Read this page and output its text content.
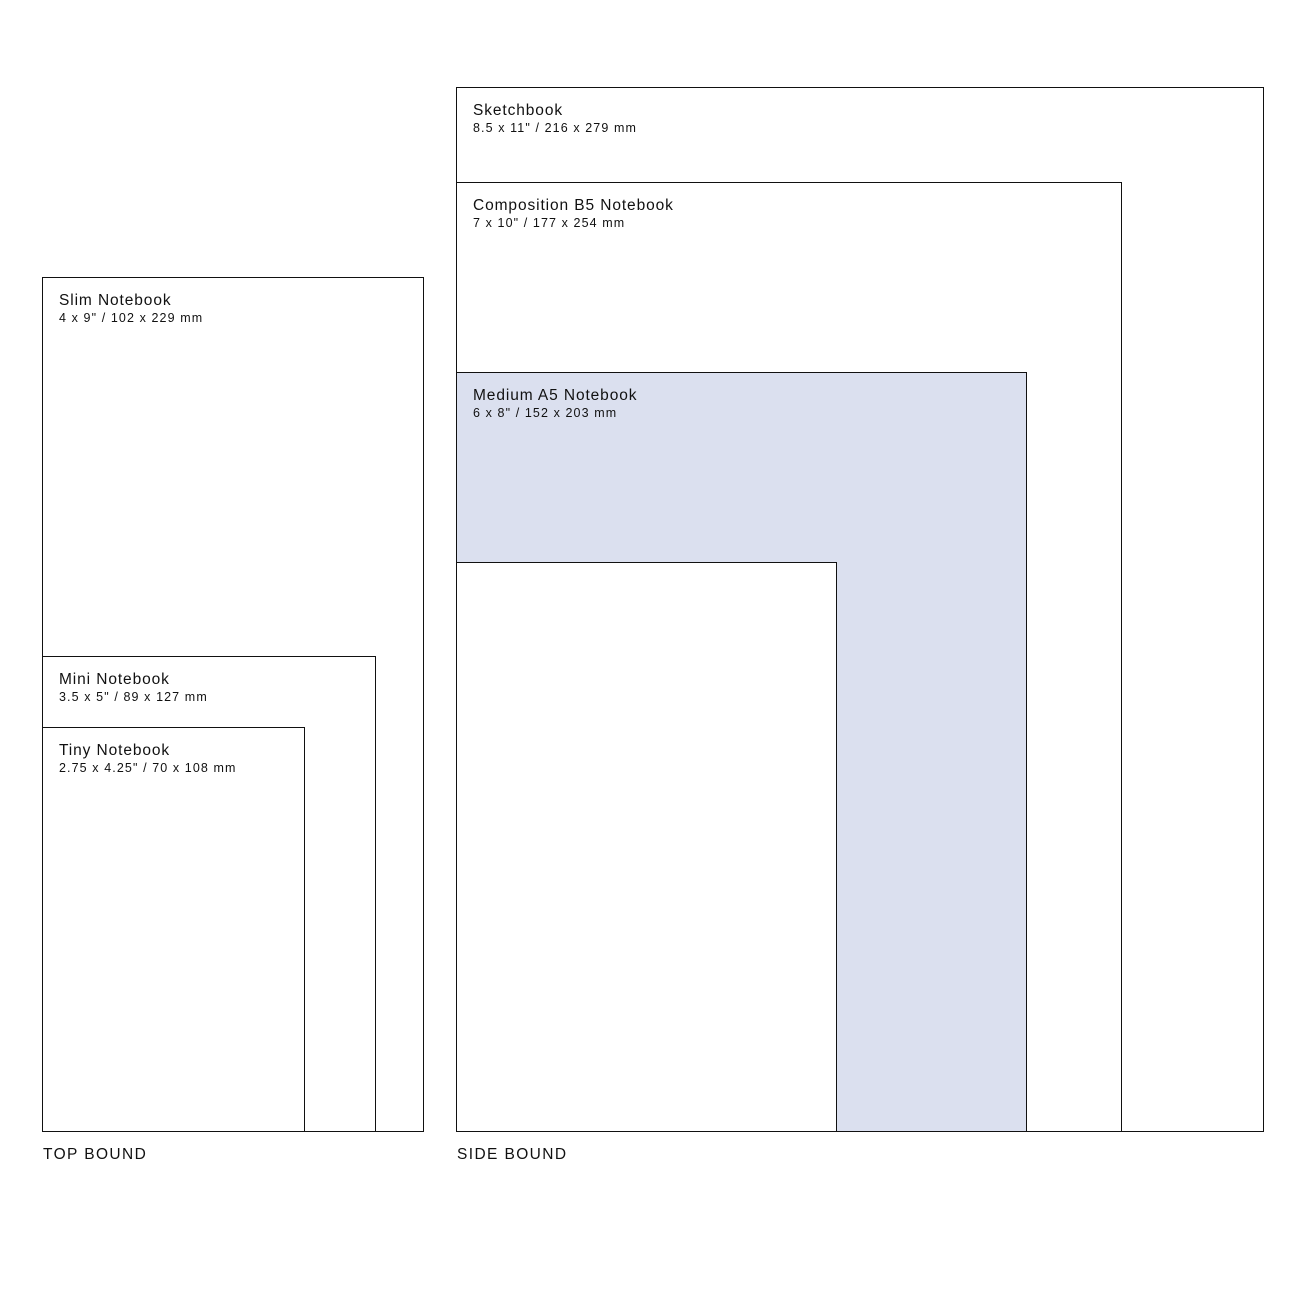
Sketchbook
8.5 x 11" / 216 x 279 mm
Composition B5 Notebook
7 x 10" / 177 x 254 mm
Medium A5 Notebook
6 x 8" / 152 x 203 mm
Slim Notebook
4 x 9" / 102 x 229 mm
Mini Notebook
3.5 x 5" / 89 x 127 mm
Tiny Notebook
2.75 x 4.25" / 70 x 108 mm
TOP BOUND	SIDE BOUND
